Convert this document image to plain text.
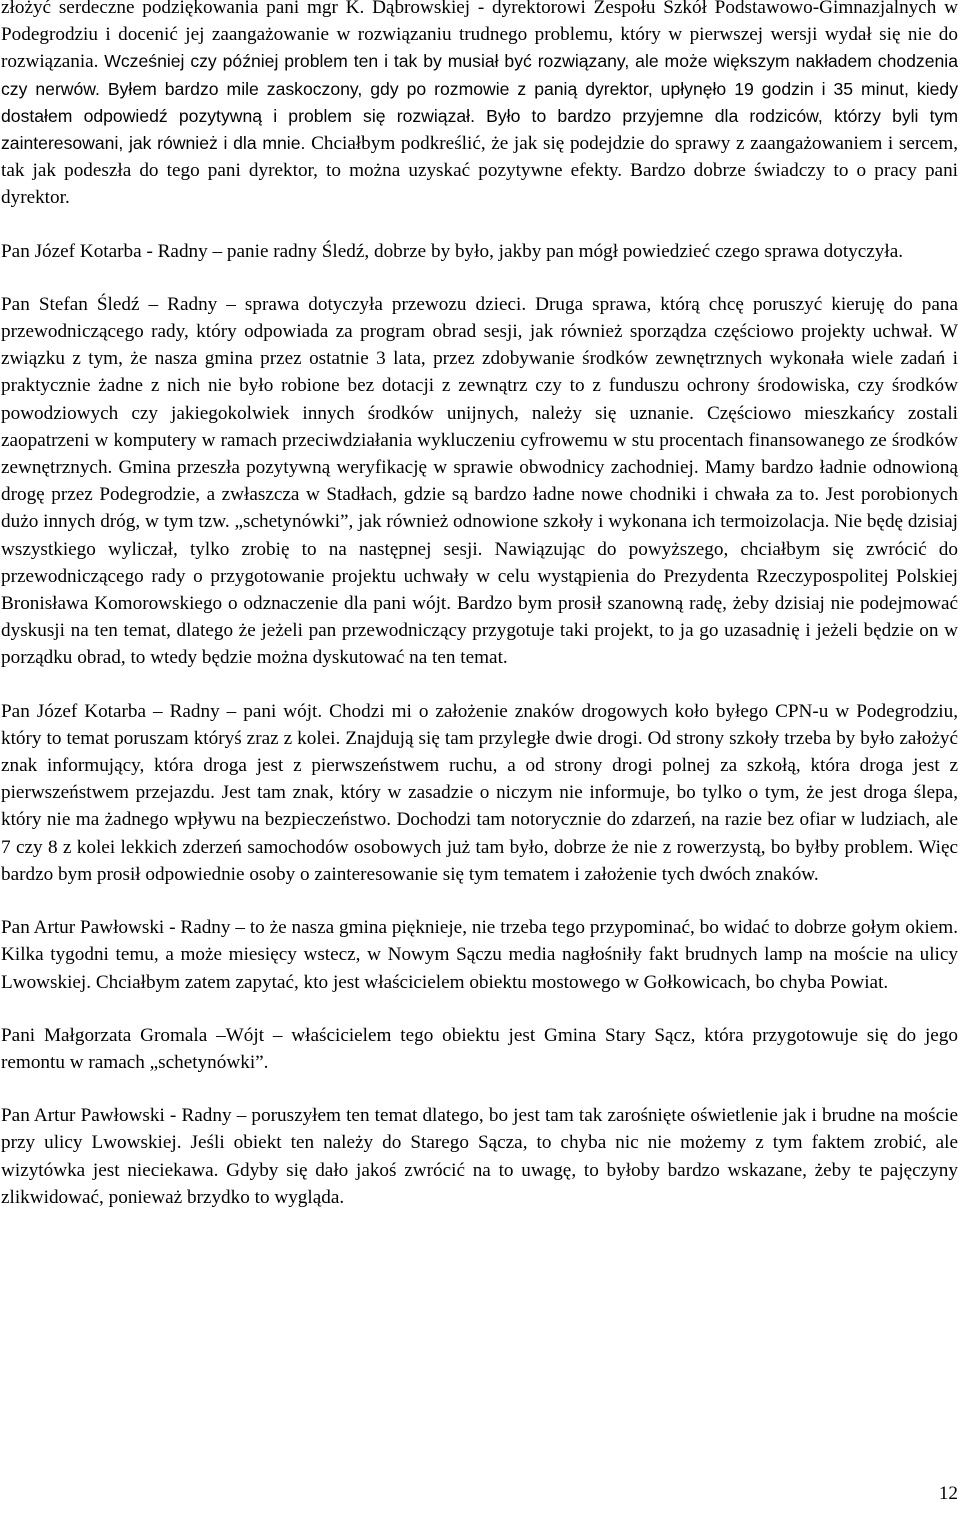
złożyć serdeczne podziękowania pani mgr K. Dąbrowskiej - dyrektorowi Zespołu Szkół Podstawowo-Gimnazjalnych w Podegrodziu i docenić jej zaangażowanie w rozwiązaniu trudnego problemu, który w pierwszej wersji wydał się nie do rozwiązania. Wcześniej czy później problem ten i tak by musiał być rozwiązany, ale może większym nakładem chodzenia czy nerwów. Byłem bardzo mile zaskoczony, gdy po rozmowie z panią dyrektor, upłynęło 19 godzin i 35 minut, kiedy dostałem odpowiedź pozytywną i problem się rozwiązał. Było to bardzo przyjemne dla rodziców, którzy byli tym zainteresowani, jak również i dla mnie. Chciałbym podkreślić, że jak się podejdzie do sprawy z zaangażowaniem i sercem, tak jak podeszła do tego pani dyrektor, to można uzyskać pozytywne efekty. Bardzo dobrze świadczy to o pracy pani dyrektor.

Pan Józef Kotarba - Radny – panie radny Śledź, dobrze by było, jakby pan mógł powiedzieć czego sprawa dotyczyła.

Pan Stefan Śledź – Radny – sprawa dotyczyła przewozu dzieci. Druga sprawa, którą chcę poruszyć kieruję do pana przewodniczącego rady, który odpowiada za program obrad sesji, jak również sporządza częściowo projekty uchwał. W związku z tym, że nasza gmina przez ostatnie 3 lata, przez zdobywanie środków zewnętrznych wykonała wiele zadań i praktycznie żadne z nich nie było robione bez dotacji z zewnątrz czy to z funduszu ochrony środowiska, czy środków powodziowych czy jakiegokolwiek innych środków unijnych, należy się uznanie. Częściowo mieszkańcy zostali zaopatrzeni w komputery w ramach przeciwdziałania wykluczeniu cyfrowemu w stu procentach finansowanego ze środków zewnętrznych. Gmina przeszła pozytywną weryfikację w sprawie obwodnicy zachodniej. Mamy bardzo ładnie odnowioną drogę przez Podegrodzie, a zwłaszcza w Stadłach, gdzie są bardzo ładne nowe chodniki i chwała za to. Jest porobionych dużo innych dróg, w tym tzw. „schetynówki”, jak również odnowione szkoły i wykonana ich termoizolacja. Nie będę dzisiaj wszystkiego wyliczał, tylko zrobię to na następnej sesji. Nawiązując do powyższego, chciałbym się zwrócić do przewodniczącego rady o przygotowanie projektu uchwały w celu wystąpienia do Prezydenta Rzeczypospolitej Polskiej Bronisława Komorowskiego o odznaczenie dla pani wójt. Bardzo bym prosił szanowną radę, żeby dzisiaj nie podejmować dyskusji na ten temat, dlatego że jeżeli pan przewodniczący przygotuje taki projekt, to ja go uzasadnię i jeżeli będzie on w porządku obrad, to wtedy będzie można dyskutować na ten temat.

Pan Józef Kotarba – Radny – pani wójt. Chodzi mi o założenie znaków drogowych koło byłego CPN-u w Podegrodziu, który to temat poruszam któryś zraz z kolei. Znajdują się tam przyległe dwie drogi. Od strony szkoły trzeba by było założyć znak informujący, która droga jest z pierwszeństwem ruchu, a od strony drogi polnej za szkołą, która droga jest z pierwszeństwem przejazdu. Jest tam znak, który w zasadzie o niczym nie informuje, bo tylko o tym, że jest droga ślepa, który nie ma żadnego wpływu na bezpieczeństwo. Dochodzi tam notorycznie do zdarzeń, na razie bez ofiar w ludziach, ale 7 czy 8 z kolei lekkich zderzeń samochodów osobowych już tam było, dobrze że nie z rowerzystą, bo byłby problem. Więc bardzo bym prosił odpowiednie osoby o zainteresowanie się tym tematem i założenie tych dwóch znaków.

Pan Artur Pawłowski - Radny – to że nasza gmina pięknieje, nie trzeba tego przypominać, bo widać to dobrze gołym okiem. Kilka tygodni temu, a może miesięcy wstecz, w Nowym Sączu media nagłośniły fakt brudnych lamp na moście na ulicy Lwowskiej. Chciałbym zatem zapytać, kto jest właścicielem obiektu mostowego w Gołkowicach, bo chyba Powiat.

Pani Małgorzata Gromala –Wójt – właścicielem tego obiektu jest Gmina Stary Sącz, która przygotowuje się do jego remontu w ramach „schetynówki”.

Pan Artur Pawłowski - Radny – poruszyłem ten temat dlatego, bo jest tam tak zarośnięte oświetlenie jak i brudne na moście przy ulicy Lwowskiej. Jeśli obiekt ten należy do Starego Sącza, to chyba nic nie możemy z tym faktem zrobić, ale wizytówka jest nieciekawa. Gdyby się dało jakoś zwrócić na to uwagę, to byłoby bardzo wskazane, żeby te pajęczyny zlikwidować, ponieważ brzydko to wygląda.

12
